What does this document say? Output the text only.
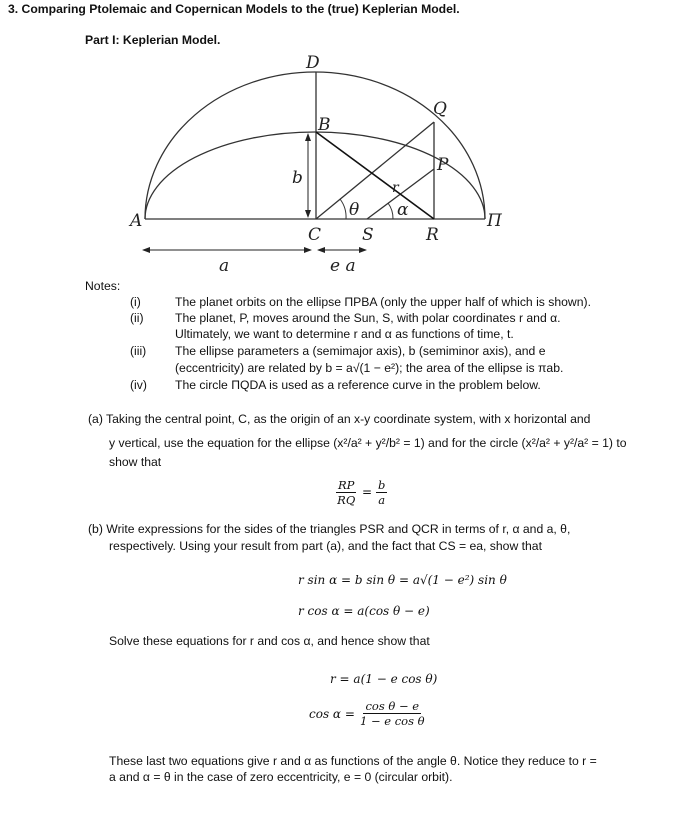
3. Comparing Ptolemaic and Copernican Models to the (true) Keplerian Model.
Part I: Keplerian Model.
D
B
Q
P
A
C S	R
Π
b	r
θ α
a	e a
Notes:
(i)	The planet orbits on the ellipse ΠPBA (only the upper half of which is shown).
(ii)	The planet, P, moves around the Sun, S, with polar coordinates r and α.
Ultimately, we want to determine r and α as functions of time, t.
(iii) The ellipse parameters a (semimajor axis), b (semiminor axis), and e
(eccentricity) are related by b = a√(1 − e²); the area of the ellipse is πab.
(iv) The circle ΠQDA is used as a reference curve in the problem below.
(a) Taking the central point, C, as the origin of an x-y coordinate system, with x horizontal and
y vertical, use the equation for the ellipse (x²/a² + y²/b² = 1) and for the circle (x²/a² + y²/a² = 1) to
show that
$\frac{RP}{RQ} = \frac{b}{a}$
(b) Write expressions for the sides of the triangles PSR and QCR in terms of r, α and a, θ,
respectively. Using your result from part (a), and the fact that CS = ea, show that
r sin α = b sin θ = a√(1 − e²) sin θ
r cos α = a(cos θ − e)
Solve these equations for r and cos α, and hence show that
r = a(1 − e cos θ)
$\cos \alpha = \frac{\text{cos θ − e}}{\text{1 − e cos θ}}$
These last two equations give r and α as functions of the angle θ. Notice they reduce to r =
a and α = θ in the case of zero eccentricity, e = 0 (circular orbit).
